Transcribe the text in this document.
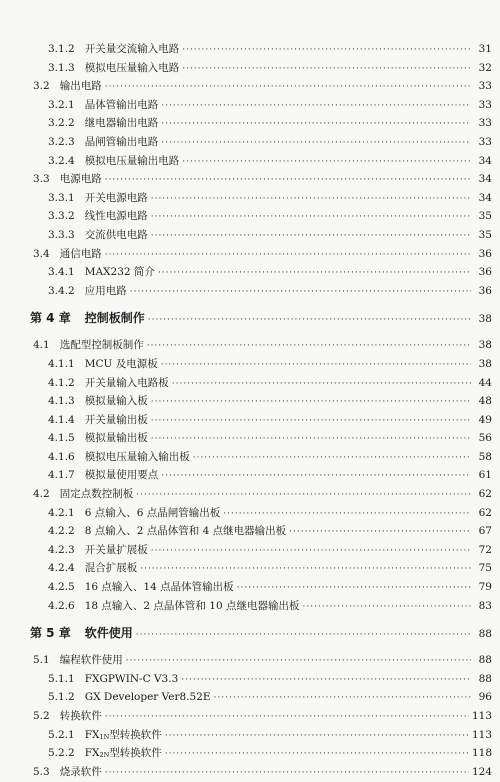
3.1.2 开关量交流输入电路 ·····	31
3.1.3 模拟电压量输入电路 ·····	32
3.2 输出电路 ·····	33
3.2.1 晶体管输出电路 ·····	33
3.2.2 继电器输出电路 ·····	33
3.2.3 晶闸管输出电路 ·····	33
3.2.4 模拟电压量输出电路 ·····	34
3.3 电源电路 ·····	34
3.3.1 开关电源电路 ·····	34
3.3.2 线性电源电路 ·····	35
3.3.3 交流供电电路 ·····	35
3.4 通信电路 ·····	36
3.4.1 MAX232 简介 ·····	36
3.4.2 应用电路 ·····	36
第 4 章 控制板制作 ·····	38
4.1 选配型控制板制作 ·····	38
4.1.1 MCU 及电源板 ·····	38
4.1.2 开关量输入电路板 ·····	44
4.1.3 模拟量输入板 ·····	48
4.1.4 开关量输出板 ·····	49
4.1.5 模拟量输出板 ·····	56
4.1.6 模拟电压量输入输出板 ·····	58
4.1.7 模拟量使用要点 ·····	61
4.2 固定点数控制板 ·····	62
4.2.1 6 点输入、6 点晶闸管输出板 ·····	62
4.2.2 8 点输入、2 点晶体管和 4 点继电器输出板 ·····	67
4.2.3 开关量扩展板 ·····	72
4.2.4 混合扩展板 ·····	75
4.2.5 16 点输入、14 点晶体管输出板 ·····	79
4.2.6 18 点输入、2 点晶体管和 10 点继电器输出板 ·····	83
第 5 章 软件使用 ·····	88
5.1 编程软件使用 ·····	88
5.1.1 FXGPWIN-C V3.3 ·····	88
5.1.2 GX Developer Ver8.52E ·····	96
5.2 转换软件 ·····	113
5.2.1 FX1N型转换软件 ·····	113
5.2.2 FX2N型转换软件 ·····	118
5.3 烧录软件 ·····	124
